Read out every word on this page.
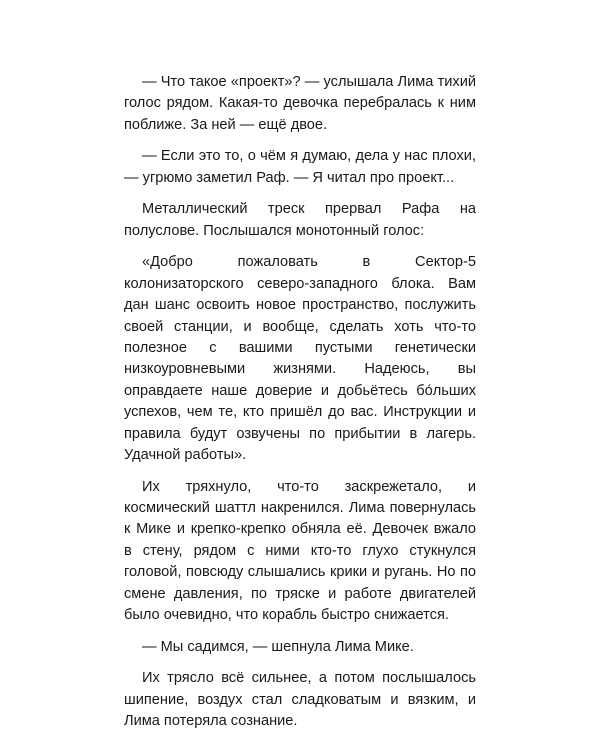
— Что такое «проект»? — услышала Лима тихий голос рядом. Какая-то девочка перебралась к ним поближе. За ней — ещё двое.

— Если это то, о чём я думаю, дела у нас плохи, — угрюмо заметил Раф. — Я читал про проект...

Металлический треск прервал Рафа на полуслове. Послышался монотонный голос:

«Добро пожаловать в Сектор-5 колонизаторского северо-западного блока. Вам дан шанс освоить новое пространство, послужить своей станции, и вообще, сделать хоть что-то полезное с вашими пустыми генетически низкоуровневыми жизнями. Надеюсь, вы оправдаете наше доверие и добьётесь бо́льших успехов, чем те, кто пришёл до вас. Инструкции и правила будут озвучены по прибытии в лагерь. Удачной работы».

Их тряхнуло, что-то заскрежетало, и космический шаттл накренился. Лима повернулась к Мике и крепко-крепко обняла её. Девочек вжало в стену, рядом с ними кто-то глухо стукнулся головой, повсюду слышались крики и ругань. Но по смене давления, по тряске и работе двигателей было очевидно, что корабль быстро снижается.

— Мы садимся, — шепнула Лима Мике.

Их трясло всё сильнее, а потом послышалось шипение, воздух стал сладковатым и вязким, и Лима потеряла сознание.
